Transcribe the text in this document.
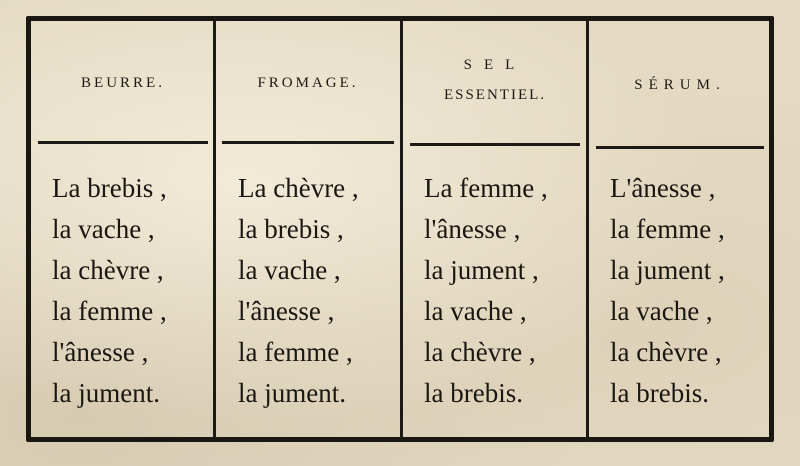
BEURRE.	FROMAGE.
SEL
ESSENTIEL.
SÉRUM.
La brebis ,
la vache ,
la chèvre ,
la femme ,
l'ânesse ,
la jument.
La chèvre ,
la brebis ,
la vache ,
l'ânesse ,
la femme ,
la jument.
La femme ,
l'ânesse ,
la jument ,
la vache ,
la chèvre ,
la brebis.
L'ânesse ,
la femme ,
la jument ,
la vache ,
la chèvre ,
la brebis.
